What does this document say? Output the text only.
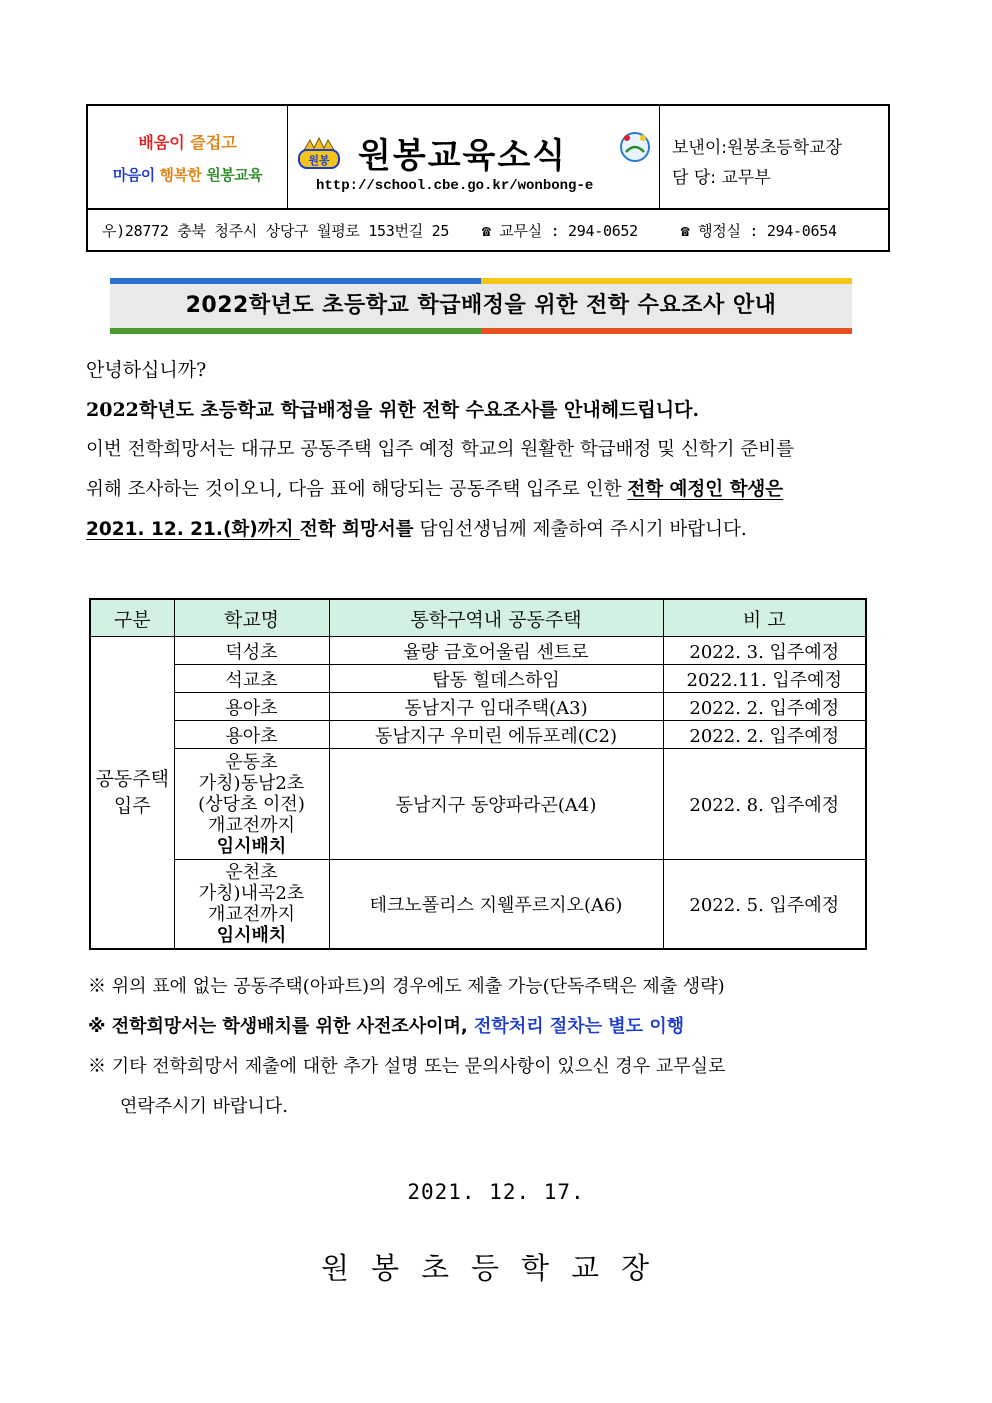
배움이 즐겁고
마음이 행복한 원봉교육
원봉 원봉교육소식
http://school.cbe.go.kr/wonbong-e
보낸이:원봉초등학교장
담 당: 교무부
우)28772 충북 청주시 상당구 월평로 153번길 25 ☎ 교무실 : 294-0652	☎ 행정실 : 294-0654
2022학년도 초등학교 학급배정을 위한 전학 수요조사 안내
안녕하십니까?
2022학년도 초등학교 학급배정을 위한 전학 수요조사를 안내헤드립니다.
이번 전학희망서는 대규모 공동주택 입주 예정 학교의 원활한 학급배정 및 신학기 준비를
위해 조사하는 것이오니, 다음 표에 해당되는 공동주택 입주로 인한 전학 예정인 학생은
2021. 12. 21.(화)까지 전학 희망서를 담임선생님께 제출하여 주시기 바랍니다.
구분	학교명	통학구역내 공동주택	비 고

공동주택
입주	덕성초	율량 금호어울림 센트로	2022. 3. 입주예정
	석교초	탑동 힐데스하임	2022.11. 입주예정
	용아초	동남지구 임대주택(A3)	2022. 2. 입주예정
	용아초	동남지구 우미린 에듀포레(C2)	2022. 2. 입주예정

	운동초
가칭)동남2초
(상당초 이전)
개교전까지
임시배치	동남지구 동양파라곤(A4)	2022. 8. 입주예정

	운천초
가칭)내곡2초
개교전까지
임시배치	테크노폴리스 지웰푸르지오(A6)	2022. 5. 입주예정
※ 위의 표에 없는 공동주택(아파트)의 경우에도 제출 가능(단독주택은 제출 생략)
※ 전학희망서는 학생배치를 위한 사전조사이며, 전학처리 절차는 별도 이행
※ 기타 전학희망서 제출에 대한 추가 설명 또는 문의사항이 있으신 경우 교무실로
연락주시기 바랍니다.
2021. 12. 17.
원봉초등학교장
